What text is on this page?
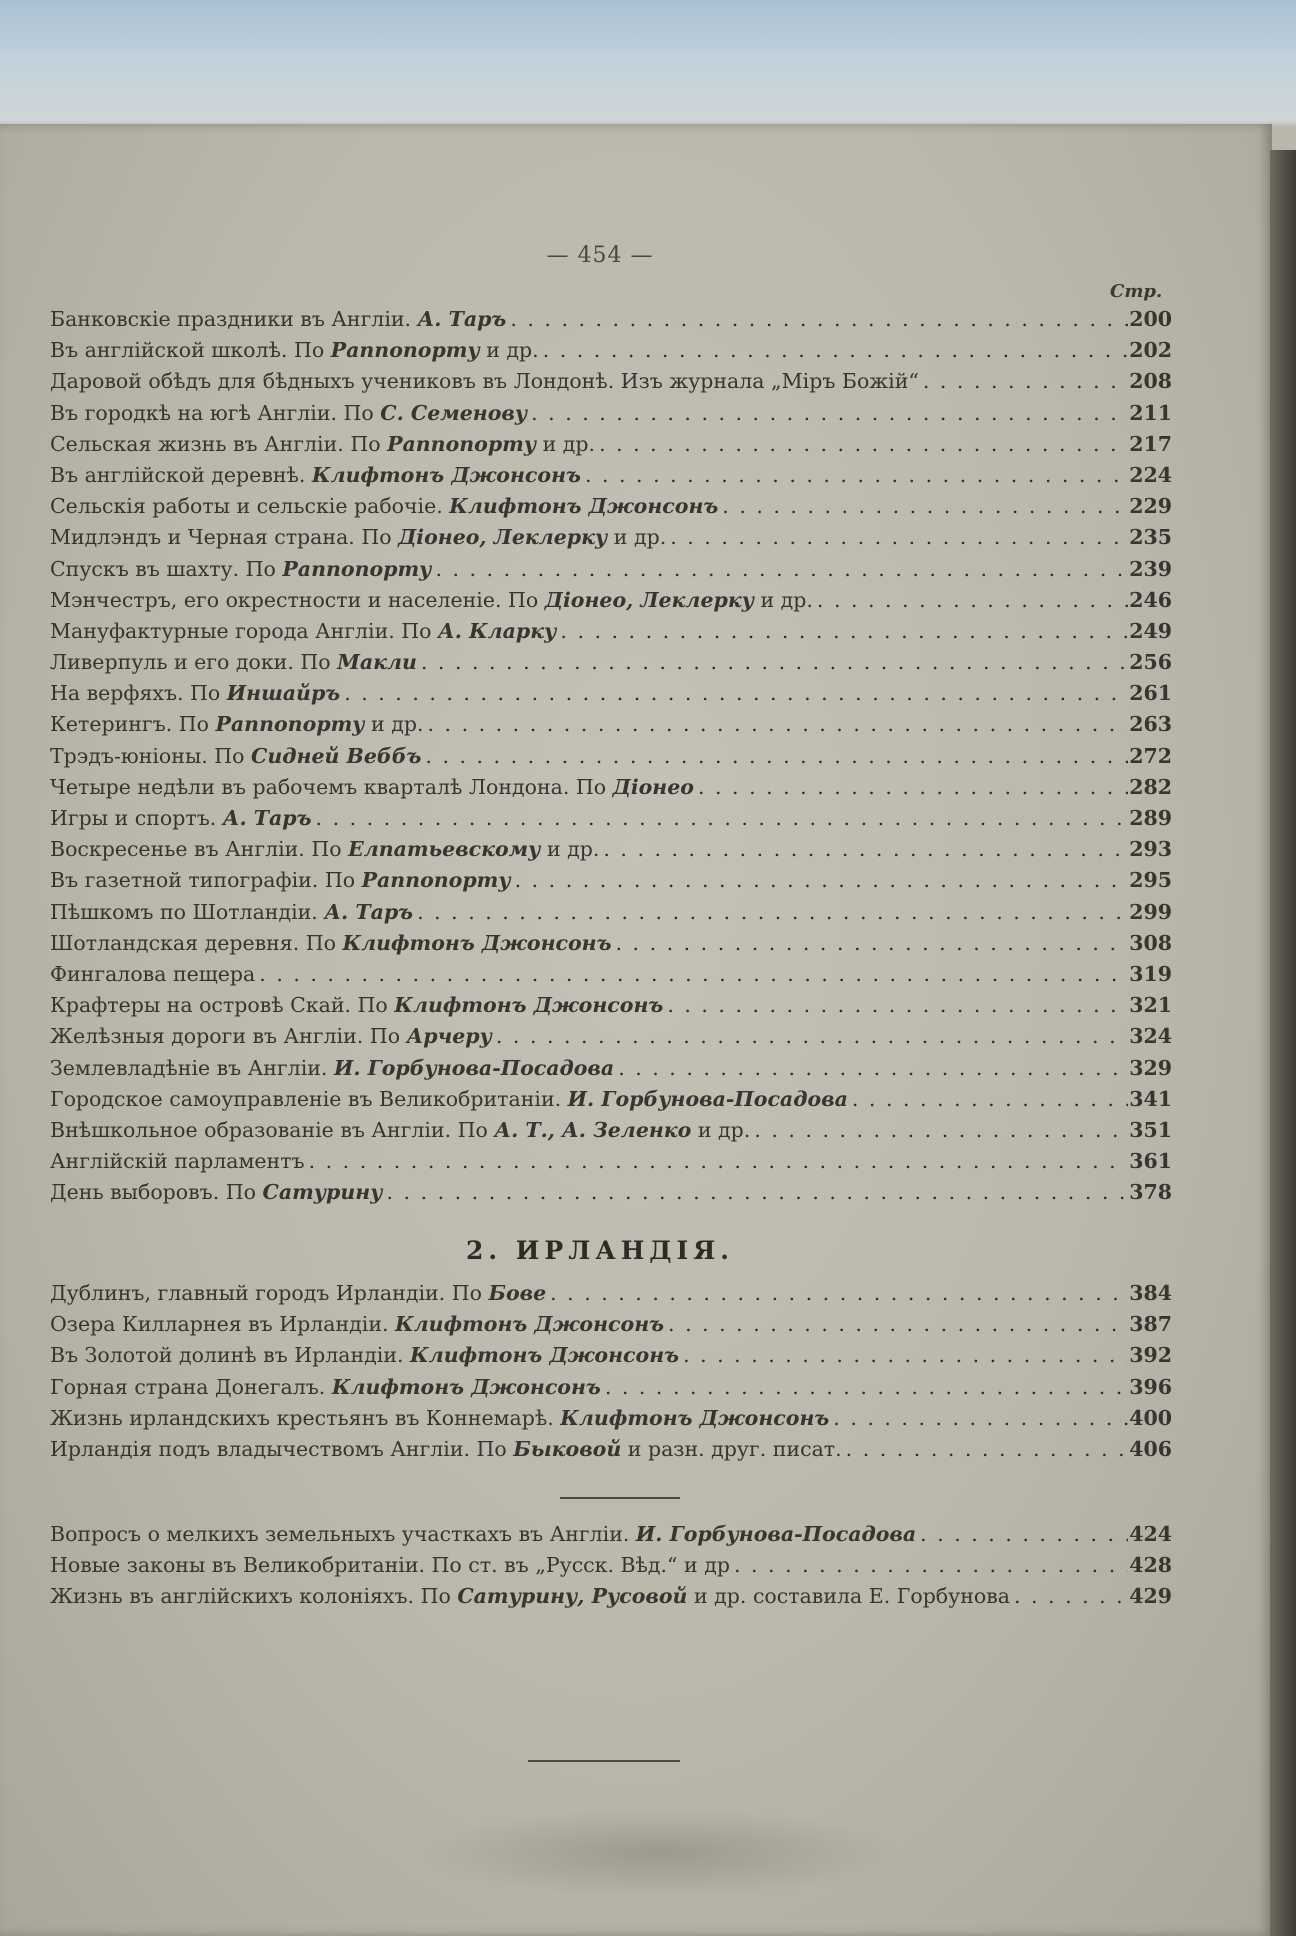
— 454 —
Стр.
Банковскіе праздники въ Англіи. А. Таръ . . .	200
Въ англійской школѣ. По Раппопорту и др. . . .	202
Даровой обѣдъ для бѣдныхъ учениковъ въ Лондонѣ. Изъ журнала „Міръ Божій“ . . .	208
Въ городкѣ на югѣ Англіи. По С. Семенову . . .	211
Сельская жизнь въ Англіи. По Раппопорту и др. . . .	217
Въ англійской деревнѣ. Клифтонъ Джонсонъ . . .	224
Сельскія работы и сельскіе рабочіе. Клифтонъ Джонсонъ . . .	229
Мидлэндъ и Черная страна. По Діонео, Леклерку и др. . . .	235
Спускъ въ шахту. По Раппопорту . . .	239
Мэнчестръ, его окрестности и населеніе. По Діонео, Леклерку и др. . . .	246
Мануфактурные города Англіи. По А. Кларку . . .	249
Ливерпуль и его доки. По Макли . . .	256
На верфяхъ. По Иншайръ . . .	261
Кетерингъ. По Раппопорту и др. . . .	263
Трэдъ-юніоны. По Сидней Веббъ . . .	272
Четыре недѣли въ рабочемъ кварталѣ Лондона. По Діонео . . .	282
Игры и спортъ. А. Таръ . . .	289
Воскресенье въ Англіи. По Елпатьевскому и др. . . .	293
Въ газетной типографіи. По Раппопорту . . .	295
Пѣшкомъ по Шотландіи. А. Таръ . . .	299
Шотландская деревня. По Клифтонъ Джонсонъ . . .	308
Фингалова пещера . . .	319
Крафтеры на островѣ Скай. По Клифтонъ Джонсонъ . . .	321
Желѣзныя дороги въ Англіи. По Арчеру . . .	324
Землевладѣніе въ Англіи. И. Горбунова-Посадова . . .	329
Городское самоуправленіе въ Великобританіи. И. Горбунова-Посадова . . .	341
Внѣшкольное образованіе въ Англіи. По А. Т., А. Зеленко и др. . . .	351
Англійскій парламентъ . . .	361
День выборовъ. По Сатурину . . .	378
2. ИРЛАНДІЯ.
Дублинъ, главный городъ Ирландіи. По Бове . . .	384
Озера Килларнея въ Ирландіи. Клифтонъ Джонсонъ . . .	387
Въ Золотой долинѣ въ Ирландіи. Клифтонъ Джонсонъ . . .	392
Горная страна Донегалъ. Клифтонъ Джонсонъ . . .	396
Жизнь ирландскихъ крестьянъ въ Коннемарѣ. Клифтонъ Джонсонъ . . .	400
Ирландія подъ владычествомъ Англіи. По Быковой и разн. друг. писат. . . .	406
Вопросъ о мелкихъ земельныхъ участкахъ въ Англіи. И. Горбунова-Посадова . . .	424
Новые законы въ Великобританіи. По ст. въ „Русск. Вѣд.“ и др . . .	428
Жизнь въ англійскихъ колоніяхъ. По Сатурину, Русовой и др. составила Е. Горбунова . . .	429
